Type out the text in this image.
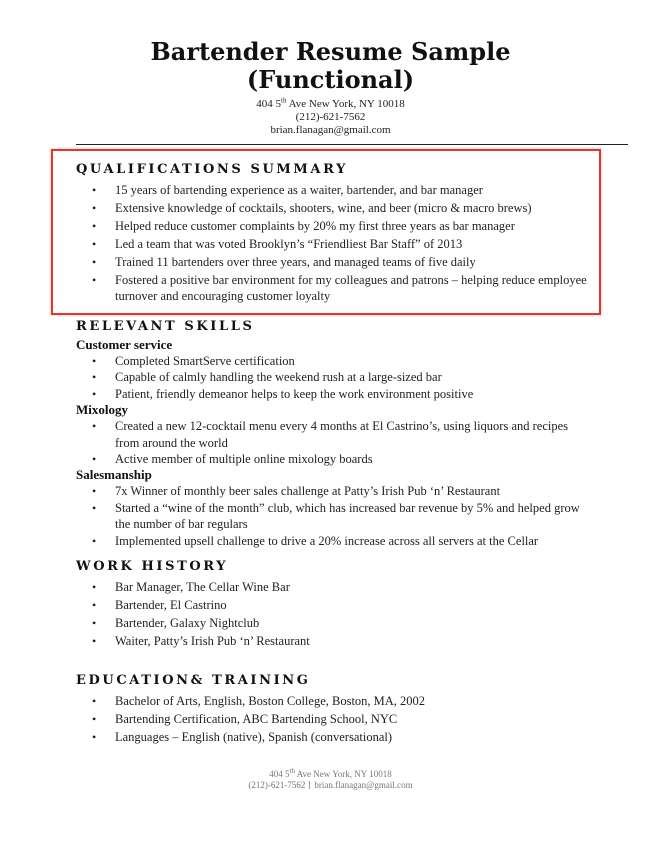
Bartender Resume Sample
(Functional)
404 5th Ave New York, NY 10018
(212)-621-7562
brian.flanagan@gmail.com
QUALIFICATIONS SUMMARY
• 15 years of bartending experience as a waiter, bartender, and bar manager
• Extensive knowledge of cocktails, shooters, wine, and beer (micro & macro brews)
• Helped reduce customer complaints by 20% my first three years as bar manager
• Led a team that was voted Brooklyn’s “Friendliest Bar Staff” of 2013
• Trained 11 bartenders over three years, and managed teams of five daily
• Fostered a positive bar environment for my colleagues and patrons – helping reduce employee turnover and encouraging customer loyalty
RELEVANT SKILLS
Customer service
• Completed SmartServe certification
• Capable of calmly handling the weekend rush at a large-sized bar
• Patient, friendly demeanor helps to keep the work environment positive
Mixology
• Created a new 12-cocktail menu every 4 months at El Castrino’s, using liquors and recipes from around the world
• Active member of multiple online mixology boards
Salesmanship
• 7x Winner of monthly beer sales challenge at Patty’s Irish Pub ‘n’ Restaurant
• Started a “wine of the month” club, which has increased bar revenue by 5% and helped grow the number of bar regulars
• Implemented upsell challenge to drive a 20% increase across all servers at the Cellar
WORK HISTORY
• Bar Manager, The Cellar Wine Bar
• Bartender, El Castrino
• Bartender, Galaxy Nightclub
• Waiter, Patty’s Irish Pub ‘n’ Restaurant
EDUCATION& TRAINING
• Bachelor of Arts, English, Boston College, Boston, MA, 2002
• Bartending Certification, ABC Bartending School, NYC
• Languages – English (native), Spanish (conversational)
404 5th Ave New York, NY 10018
(212)-621-7562 brian.flanagan@gmail.com
